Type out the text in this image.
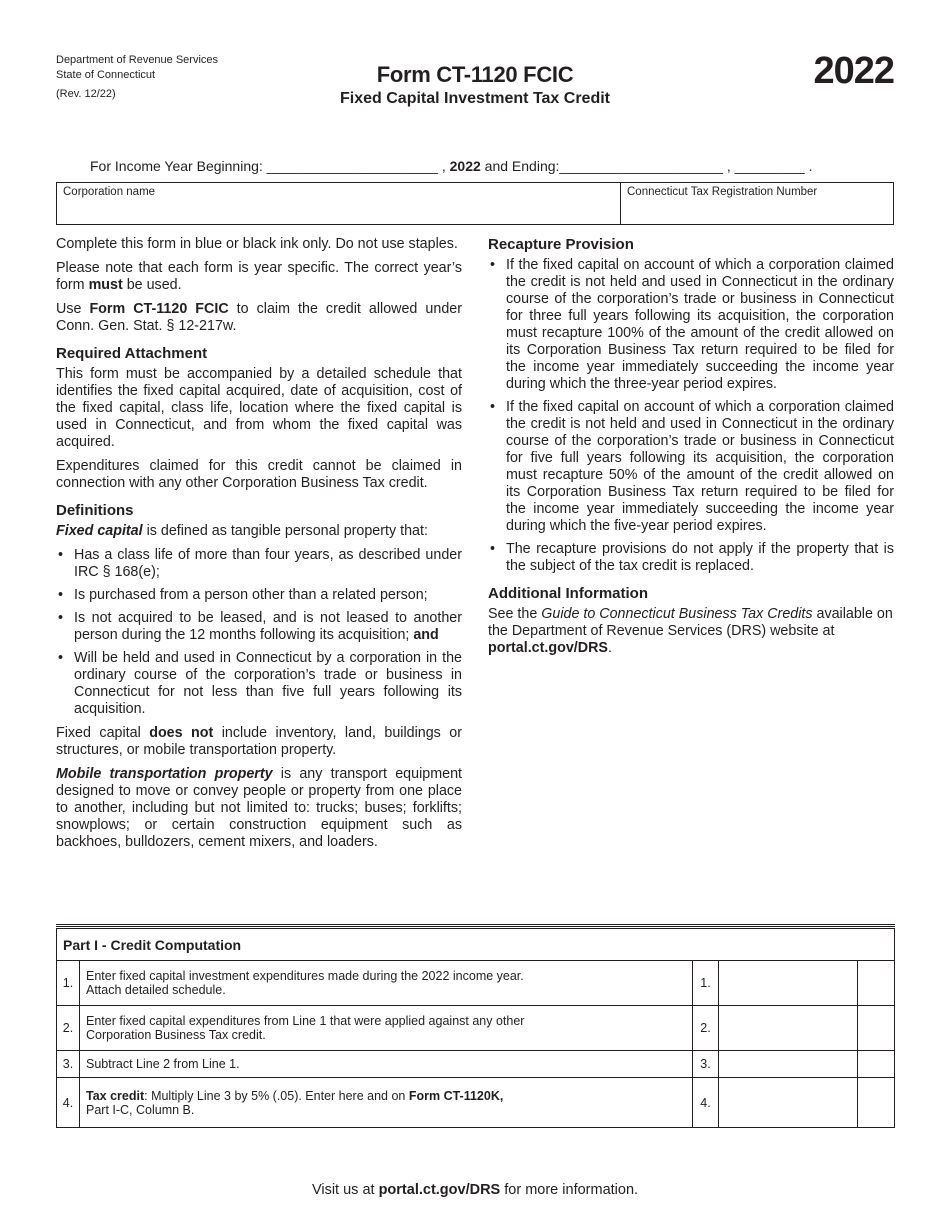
Department of Revenue Services
State of Connecticut
(Rev. 12/22)
Form CT-1120 FCIC
Fixed Capital Investment Tax Credit
2022
For Income Year Beginning: ______________________ , 2022 and Ending:_____________________ , _________ .
Corporation name	Connecticut Tax Registration Number

Complete this form in blue or black ink only. Do not use staples.

Please note that each form is year specific. The correct year’s form must be used.

Use Form CT-1120 FCIC to claim the credit allowed under Conn. Gen. Stat. § 12-217w.

Required Attachment

This form must be accompanied by a detailed schedule that identifies the fixed capital acquired, date of acquisition, cost of the fixed capital, class life, location where the fixed capital is used in Connecticut, and from whom the fixed capital was acquired.

Expenditures claimed for this credit cannot be claimed in connection with any other Corporation Business Tax credit.

Definitions

Fixed capital is defined as tangible personal property that:

• Has a class life of more than four years, as described under IRC § 168(e);
• Is purchased from a person other than a related person;
• Is not acquired to be leased, and is not leased to another person during the 12 months following its acquisition; and
• Will be held and used in Connecticut by a corporation in the ordinary course of the corporation’s trade or business in Connecticut for not less than five full years following its acquisition.

Fixed capital does not include inventory, land, buildings or structures, or mobile transportation property.

Mobile transportation property is any transport equipment designed to move or convey people or property from one place to another, including but not limited to: trucks; buses; forklifts; snowplows; or certain construction equipment such as backhoes, bulldozers, cement mixers, and loaders.

Recapture Provision
• If the fixed capital on account of which a corporation claimed the credit is not held and used in Connecticut in the ordinary course of the corporation’s trade or business in Connecticut for three full years following its acquisition, the corporation must recapture 100% of the amount of the credit allowed on its Corporation Business Tax return required to be filed for the income year immediately succeeding the income year during which the three-year period expires.
• If the fixed capital on account of which a corporation claimed the credit is not held and used in Connecticut in the ordinary course of the corporation’s trade or business in Connecticut for five full years following its acquisition, the corporation must recapture 50% of the amount of the credit allowed on its Corporation Business Tax return required to be filed for the income year immediately succeeding the income year during which the five-year period expires.
• The recapture provisions do not apply if the property that is the subject of the tax credit is replaced.
Additional Information

See the Guide to Connecticut Business Tax Credits available on the Department of Revenue Services (DRS) website at portal.ct.gov/DRS.

Part I - Credit Computation				
1.	Enter fixed capital investment expenditures made during the 2022 income year.
Attach detailed schedule.	1.		
2.	Enter fixed capital expenditures from Line 1 that were applied against any other
Corporation Business Tax credit.	2.		
3.	Subtract Line 2 from Line 1.	3.		
4.	Tax credit: Multiply Line 3 by 5% (.05). Enter here and on Form CT-1120K,
Part I-C, Column B.	4.		
Visit us at portal.ct.gov/DRS for more information.
